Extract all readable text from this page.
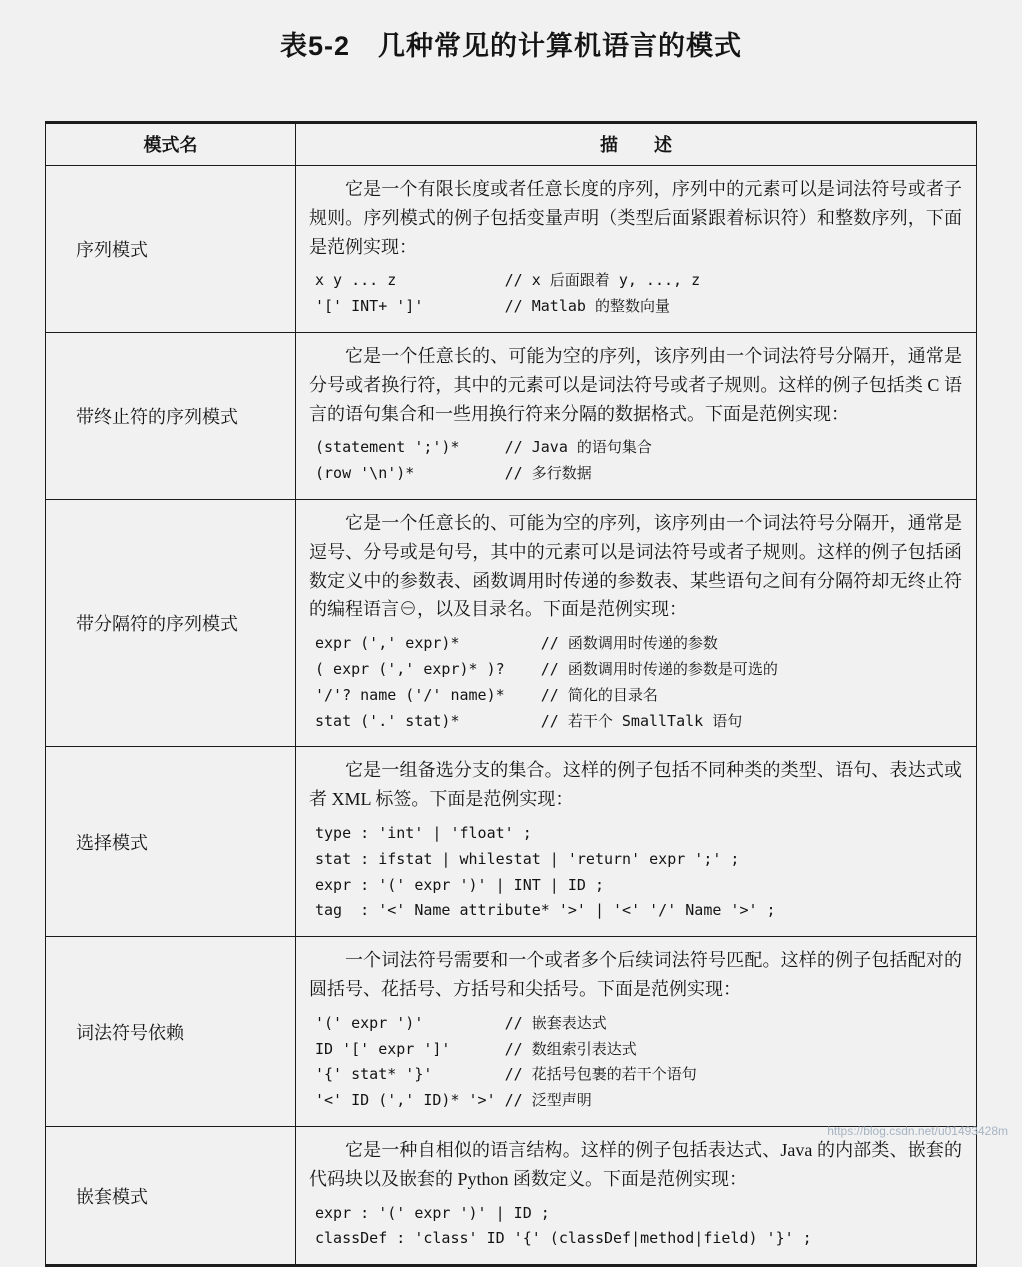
表5-2　几种常见的计算机语言的模式
模式名	描　　述
序列模式

它是一个有限长度或者任意长度的序列，序列中的元素可以是词法符号或者子规则。序列模式的例子包括变量声明（类型后面紧跟着标识符）和整数序列，下面是范例实现：

x y ... z            // x 后面跟着 y, ..., z
'[' INT+ ']'         // Matlab 的整数向量
带终止符的序列模式

它是一个任意长的、可能为空的序列，该序列由一个词法符号分隔开，通常是分号或者换行符，其中的元素可以是词法符号或者子规则。这样的例子包括类 C 语言的语句集合和一些用换行符来分隔的数据格式。下面是范例实现：

(statement ';')*     // Java 的语句集合
(row '\n')*          // 多行数据
带分隔符的序列模式

它是一个任意长的、可能为空的序列，该序列由一个词法符号分隔开，通常是逗号、分号或是句号，其中的元素可以是词法符号或者子规则。这样的例子包括函数定义中的参数表、函数调用时传递的参数表、某些语句之间有分隔符却无终止符的编程语言⊖，以及目录名。下面是范例实现：

expr (',' expr)*         // 函数调用时传递的参数
( expr (',' expr)* )?    // 函数调用时传递的参数是可选的
'/'? name ('/' name)*    // 简化的目录名
stat ('.' stat)*         // 若干个 SmallTalk 语句
选择模式

它是一组备选分支的集合。这样的例子包括不同种类的类型、语句、表达式或者 XML 标签。下面是范例实现：

type : 'int' | 'float' ;
stat : ifstat | whilestat | 'return' expr ';' ;
expr : '(' expr ')' | INT | ID ;
tag  : '<' Name attribute* '>' | '<' '/' Name '>' ;
词法符号依赖

一个词法符号需要和一个或者多个后续词法符号匹配。这样的例子包括配对的圆括号、花括号、方括号和尖括号。下面是范例实现：

'(' expr ')'         // 嵌套表达式
ID '[' expr ']'      // 数组索引表达式
'{' stat* '}'        // 花括号包裹的若干个语句
'<' ID (',' ID)* '>' // 泛型声明
嵌套模式

它是一种自相似的语言结构。这样的例子包括表达式、Java 的内部类、嵌套的代码块以及嵌套的 Python 函数定义。下面是范例实现：

expr : '(' expr ')' | ID ;
classDef : 'class' ID '{' (classDef|method|field) '}' ;
https://blog.csdn.net/u01493428m
